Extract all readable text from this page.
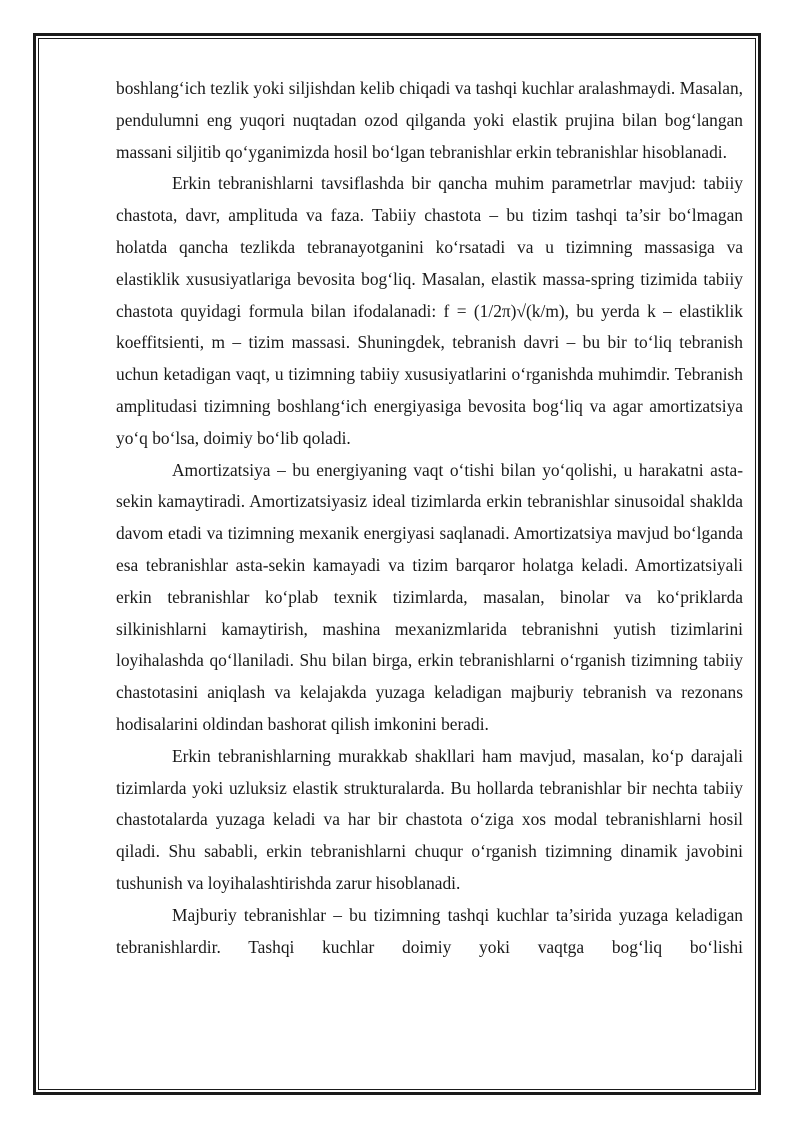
boshlang‘ich tezlik yoki siljishdan kelib chiqadi va tashqi kuchlar aralashmaydi. Masalan, pendulumni eng yuqori nuqtadan ozod qilganda yoki elastik prujina bilan bog‘langan massani siljitib qo‘yganimizda hosil bo‘lgan tebranishlar erkin tebranishlar hisoblanadi.

Erkin tebranishlarni tavsiflashda bir qancha muhim parametrlar mavjud: tabiiy chastota, davr, amplituda va faza. Tabiiy chastota – bu tizim tashqi ta’sir bo‘lmagan holatda qancha tezlikda tebranayotganini ko‘rsatadi va u tizimning massasiga va elastiklik xususiyatlariga bevosita bog‘liq. Masalan, elastik massa-spring tizimida tabiiy chastota quyidagi formula bilan ifodalanadi: f = (1/2π)√(k/m), bu yerda k – elastiklik koeffitsienti, m – tizim massasi. Shuningdek, tebranish davri – bu bir to‘liq tebranish uchun ketadigan vaqt, u tizimning tabiiy xususiyatlarini o‘rganishda muhimdir. Tebranish amplitudasi tizimning boshlang‘ich energiyasiga bevosita bog‘liq va agar amortizatsiya yo‘q bo‘lsa, doimiy bo‘lib qoladi.

Amortizatsiya – bu energiyaning vaqt o‘tishi bilan yo‘qolishi, u harakatni asta-sekin kamaytiradi. Amortizatsiyasiz ideal tizimlarda erkin tebranishlar sinusoidal shaklda davom etadi va tizimning mexanik energiyasi saqlanadi. Amortizatsiya mavjud bo‘lganda esa tebranishlar asta-sekin kamayadi va tizim barqaror holatga keladi. Amortizatsiyali erkin tebranishlar ko‘plab texnik tizimlarda, masalan, binolar va ko‘priklarda silkinishlarni kamaytirish, mashina mexanizmlarida tebranishni yutish tizimlarini loyihalashda qo‘llaniladi. Shu bilan birga, erkin tebranishlarni o‘rganish tizimning tabiiy chastotasini aniqlash va kelajakda yuzaga keladigan majburiy tebranish va rezonans hodisalarini oldindan bashorat qilish imkonini beradi.

Erkin tebranishlarning murakkab shakllari ham mavjud, masalan, ko‘p darajali tizimlarda yoki uzluksiz elastik strukturalarda. Bu hollarda tebranishlar bir nechta tabiiy chastotalarda yuzaga keladi va har bir chastota o‘ziga xos modal tebranishlarni hosil qiladi. Shu sababli, erkin tebranishlarni chuqur o‘rganish tizimning dinamik javobini tushunish va loyihalashtirishda zarur hisoblanadi.

Majburiy tebranishlar – bu tizimning tashqi kuchlar ta’sirida yuzaga keladigan tebranishlardir. Tashqi kuchlar doimiy yoki vaqtga bog‘liq bo‘lishi
